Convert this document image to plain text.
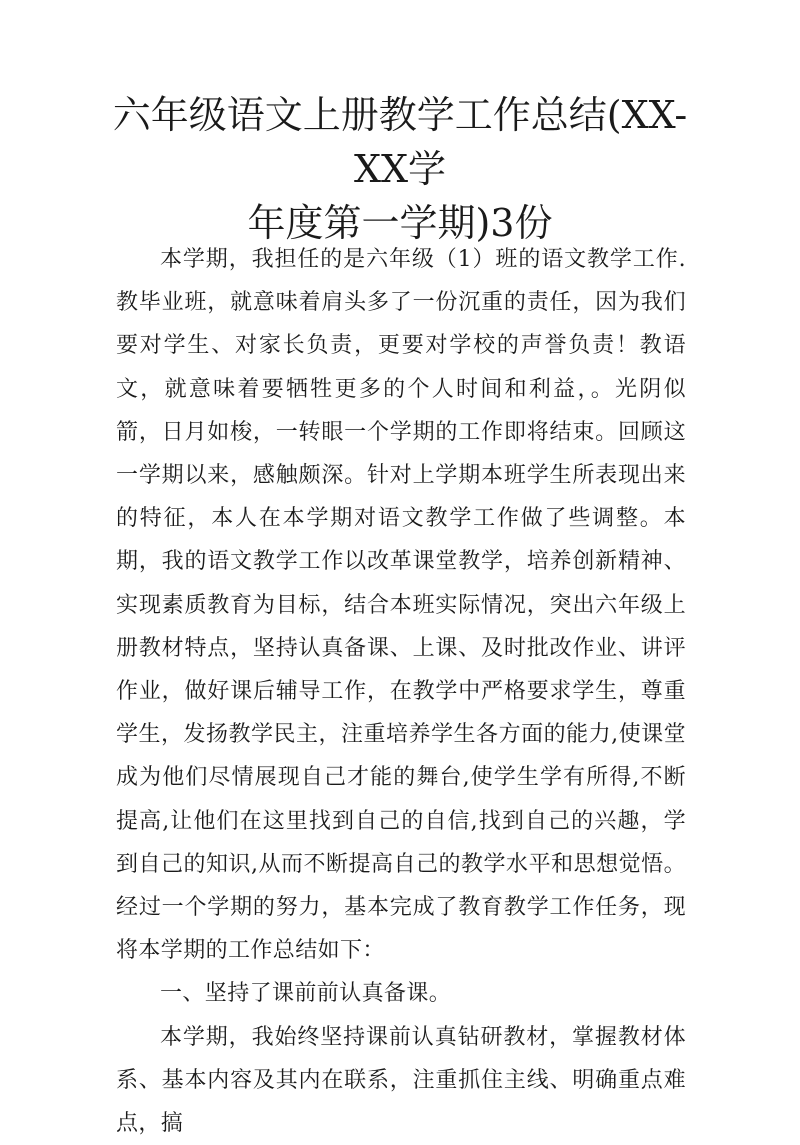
六年级语文上册教学工作总结(XX-XX学
年度第一学期)3份

本学期，我担任的是六年级（1）班的语文教学工作.教毕业班，就意味着肩头多了一份沉重的责任，因为我们要对学生、对家长负责，更要对学校的声誉负责！教语文，就意味着要牺牲更多的个人时间和利益，。光阴似箭，日月如梭，一转眼一个学期的工作即将结束。回顾这一学期以来，感触颇深。针对上学期本班学生所表现出来的特征，本人在本学期对语文教学工作做了些调整。本期，我的语文教学工作以改革课堂教学，培养创新精神、实现素质教育为目标，结合本班实际情况，突出六年级上册教材特点，坚持认真备课、上课、及时批改作业、讲评作业，做好课后辅导工作，在教学中严格要求学生，尊重学生，发扬教学民主，注重培养学生各方面的能力,使课堂成为他们尽情展现自己才能的舞台,使学生学有所得,不断提高,让他们在这里找到自己的自信,找到自己的兴趣，学到自己的知识,从而不断提高自己的教学水平和思想觉悟。经过一个学期的努力，基本完成了教育教学工作任务，现将本学期的工作总结如下：

一、坚持了课前前认真备课。

本学期，我始终坚持课前认真钻研教材，掌握教材体系、基本内容及其内在联系，注重抓住主线、明确重点难点，搞
